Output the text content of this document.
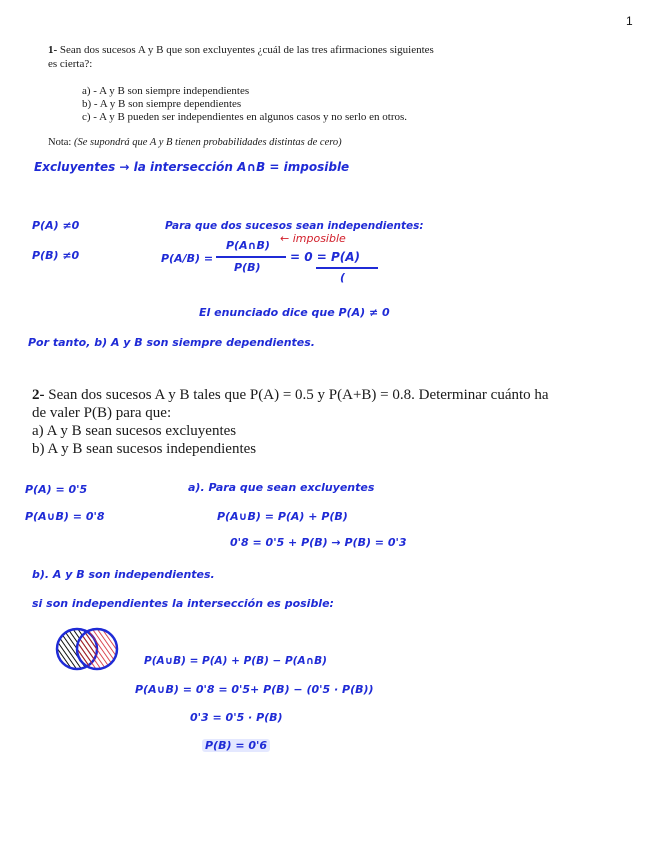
1
1- Sean dos sucesos A y B que son excluyentes ¿cuál de las tres afirmaciones siguientes
es cierta?:
a) - A y B son siempre independientes
b) - A y B son siempre dependientes
c) - A y B pueden ser independientes en algunos casos y no serlo en otros.
Nota: (Se supondrá que A y B tienen probabilidades distintas de cero)
Excluyentes → la intersección A∩B = imposible
P(A) ≠0
P(B) ≠0
Para que dos sucesos sean independientes:
P(A/B) =
P(A∩B)
P(B)
← imposible
= 0 = P(A)
(
El enunciado dice que P(A) ≠ 0
Por tanto, b) A y B son siempre dependientes.
2- Sean dos sucesos A y B tales que P(A) = 0.5 y P(A+B) = 0.8. Determinar cuánto ha
de valer P(B) para que:
a) A y B sean sucesos excluyentes
b) A y B sean sucesos independientes
P(A) = 0'5
P(A∪B) = 0'8
a). Para que sean excluyentes
P(A∪B) = P(A) + P(B)
0'8 = 0'5 + P(B) → P(B) = 0'3
b). A y B son independientes.
si son independientes la intersección es posible:
P(A∪B) = P(A) + P(B) − P(A∩B)
P(A∪B) = 0'8 = 0'5+ P(B) − (0'5 · P(B))
0'3 = 0'5 · P(B)
P(B) = 0'6
